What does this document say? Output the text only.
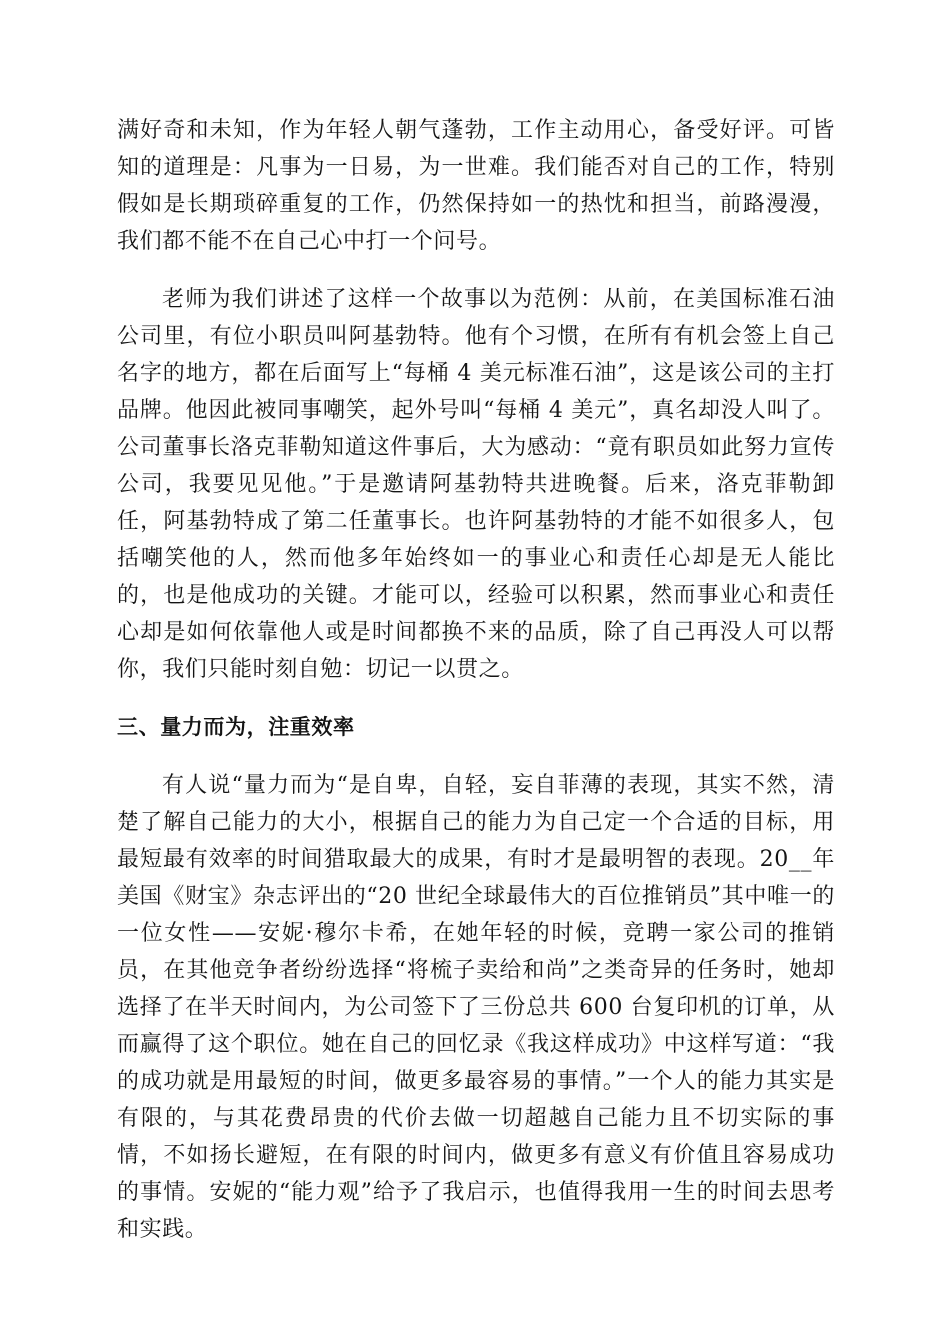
满好奇和未知，作为年轻人朝气蓬勃，工作主动用心，备受好评。可皆知的道理是：凡事为一日易，为一世难。我们能否对自己的工作，特别假如是长期琐碎重复的工作，仍然保持如一的热忱和担当，前路漫漫，我们都不能不在自己心中打一个问号。

老师为我们讲述了这样一个故事以为范例：从前，在美国标准石油公司里，有位小职员叫阿基勃特。他有个习惯，在所有有机会签上自己名字的地方，都在后面写上“每桶 4 美元标准石油”，这是该公司的主打品牌。他因此被同事嘲笑，起外号叫“每桶 4 美元”，真名却没人叫了。公司董事长洛克菲勒知道这件事后，大为感动：“竟有职员如此努力宣传公司，我要见见他。”于是邀请阿基勃特共进晚餐。后来，洛克菲勒卸任，阿基勃特成了第二任董事长。也许阿基勃特的才能不如很多人，包括嘲笑他的人，然而他多年始终如一的事业心和责任心却是无人能比的，也是他成功的关键。才能可以，经验可以积累，然而事业心和责任心却是如何依靠他人或是时间都换不来的品质，除了自己再没人可以帮你，我们只能时刻自勉：切记一以贯之。

三、量力而为，注重效率

有人说“量力而为“是自卑，自轻，妄自菲薄的表现，其实不然，清楚了解自己能力的大小，根据自己的能力为自己定一个合适的目标，用最短最有效率的时间猎取最大的成果，有时才是最明智的表现。20__年美国《财宝》杂志评出的“20 世纪全球最伟大的百位推销员”其中唯一的一位女性——安妮·穆尔卡希，在她年轻的时候，竞聘一家公司的推销员，在其他竞争者纷纷选择“将梳子卖给和尚”之类奇异的任务时，她却选择了在半天时间内，为公司签下了三份总共 600 台复印机的订单，从而赢得了这个职位。她在自己的回忆录《我这样成功》中这样写道：“我的成功就是用最短的时间，做更多最容易的事情。”一个人的能力其实是有限的，与其花费昂贵的代价去做一切超越自己能力且不切实际的事情，不如扬长避短，在有限的时间内，做更多有意义有价值且容易成功的事情。安妮的“能力观”给予了我启示，也值得我用一生的时间去思考和实践。
